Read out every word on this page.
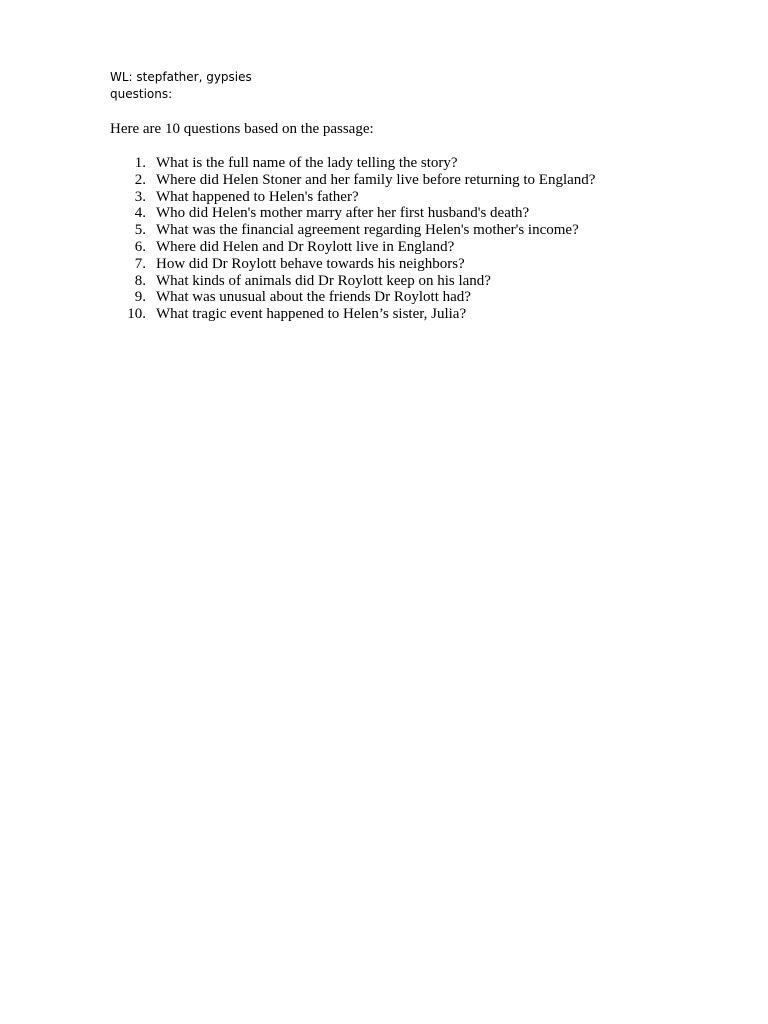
WL: stepfather, gypsies
questions:
Here are 10 questions based on the passage:
1. What is the full name of the lady telling the story?
2. Where did Helen Stoner and her family live before returning to England?
3. What happened to Helen's father?
4. Who did Helen's mother marry after her first husband's death?
5. What was the financial agreement regarding Helen's mother's income?
6. Where did Helen and Dr Roylott live in England?
7. How did Dr Roylott behave towards his neighbors?
8. What kinds of animals did Dr Roylott keep on his land?
9. What was unusual about the friends Dr Roylott had?
10. What tragic event happened to Helen’s sister, Julia?
